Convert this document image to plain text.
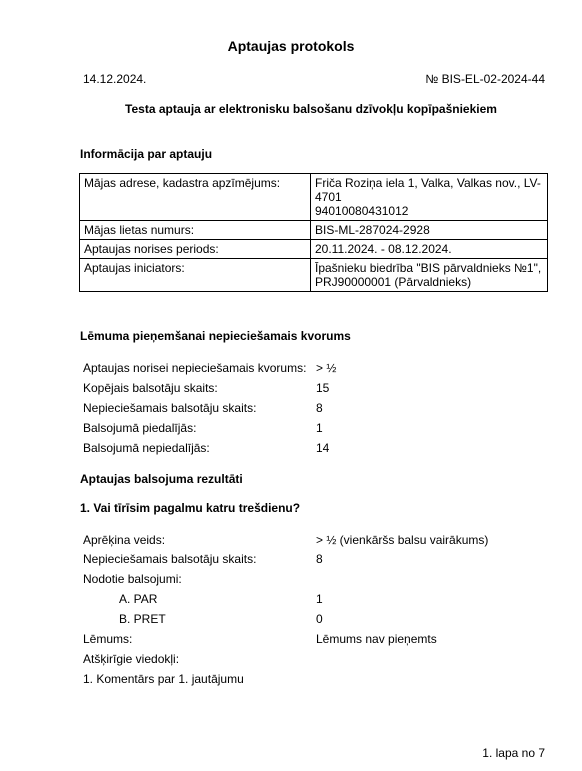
Aptaujas protokols
14.12.2024.	№ BIS-EL-02-2024-44
Testa aptauja ar elektronisku balsošanu dzīvokļu kopīpašniekiem
Informācija par aptauju
Mājas adrese, kadastra apzīmējums:	Friča Roziņa iela 1, Valka, Valkas nov., LV-
4701
94010080431012

Mājas lietas numurs:	BIS-ML-287024-2928
Aptaujas norises periods:	20.11.2024. - 08.12.2024.
Aptaujas iniciators:	Īpašnieku biedrība "BIS pārvaldnieks №1",
PRJ90000001 (Pārvaldnieks)
Lēmuma pieņemšanai nepieciešamais kvorums
Aptaujas norisei nepieciešamais kvorums: > ½
Kopējais balsotāju skaits:	15
Nepieciešamais balsotāju skaits:	8
Balsojumā piedalījās:	1
Balsojumā nepiedalījās:	14
Aptaujas balsojuma rezultāti
1. Vai tīrīsim pagalmu katru trešdienu?
Aprēķina veids:	> ½ (vienkāršs balsu vairākums)
Nepieciešamais balsotāju skaits:	8
Nodotie balsojumi:
A. PAR	1
B. PRET	0
Lēmums:	Lēmums nav pieņemts
Atšķirīgie viedokļi:
1. Komentārs par 1. jautājumu
1. lapa no 7
